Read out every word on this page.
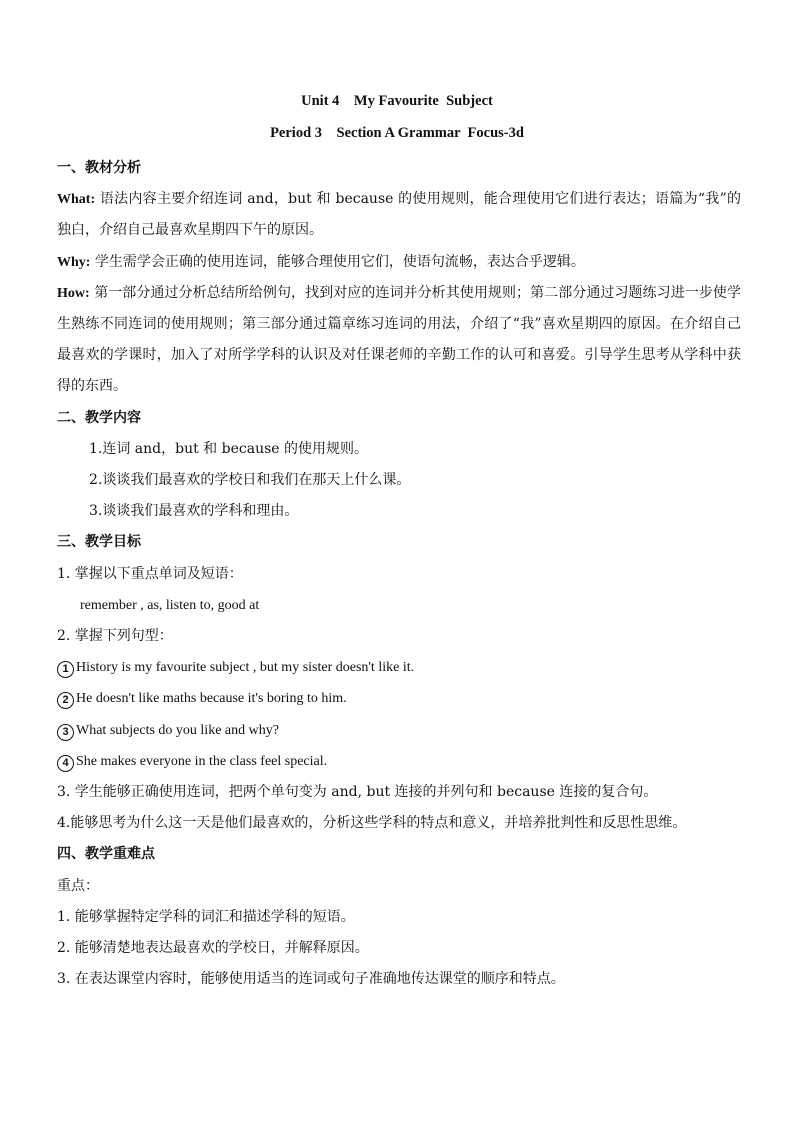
Unit 4    My Favourite  Subject
Period 3    Section A Grammar  Focus-3d

一、教材分析

What: 语法内容主要介绍连词 and，but 和 because 的使用规则，能合理使用它们进行表达；语篇为“我”的独白，介绍自己最喜欢星期四下午的原因。

Why: 学生需学会正确的使用连词，能够合理使用它们，使语句流畅，表达合乎逻辑。

How: 第一部分通过分析总结所给例句，找到对应的连词并分析其使用规则；第二部分通过习题练习进一步使学生熟练不同连词的使用规则；第三部分通过篇章练习连词的用法，介绍了“我”喜欢星期四的原因。在介绍自己最喜欢的学课时，加入了对所学学科的认识及对任课老师的辛勤工作的认可和喜爱。引导学生思考从学科中获得的东西。

二、教学内容

1.连词 and，but 和 because 的使用规则。

2.谈谈我们最喜欢的学校日和我们在那天上什么课。

3.谈谈我们最喜欢的学科和理由。

三、教学目标

1. 掌握以下重点单词及短语：

remember , as, listen to, good at

2. 掌握下列句型：

1 History is my favourite subject , but my sister doesn't like it.

2 He doesn't like maths because it's boring to him.

3 What subjects do you like and why?

4 She makes everyone in the class feel special.

3. 学生能够正确使用连词，把两个单句变为 and, but 连接的并列句和 because 连接的复合句。

4.能够思考为什么这一天是他们最喜欢的，分析这些学科的特点和意义，并培养批判性和反思性思维。

四、教学重难点

重点：

1. 能够掌握特定学科的词汇和描述学科的短语。

2. 能够清楚地表达最喜欢的学校日，并解释原因。

3. 在表达课堂内容时，能够使用适当的连词或句子准确地传达课堂的顺序和特点。
